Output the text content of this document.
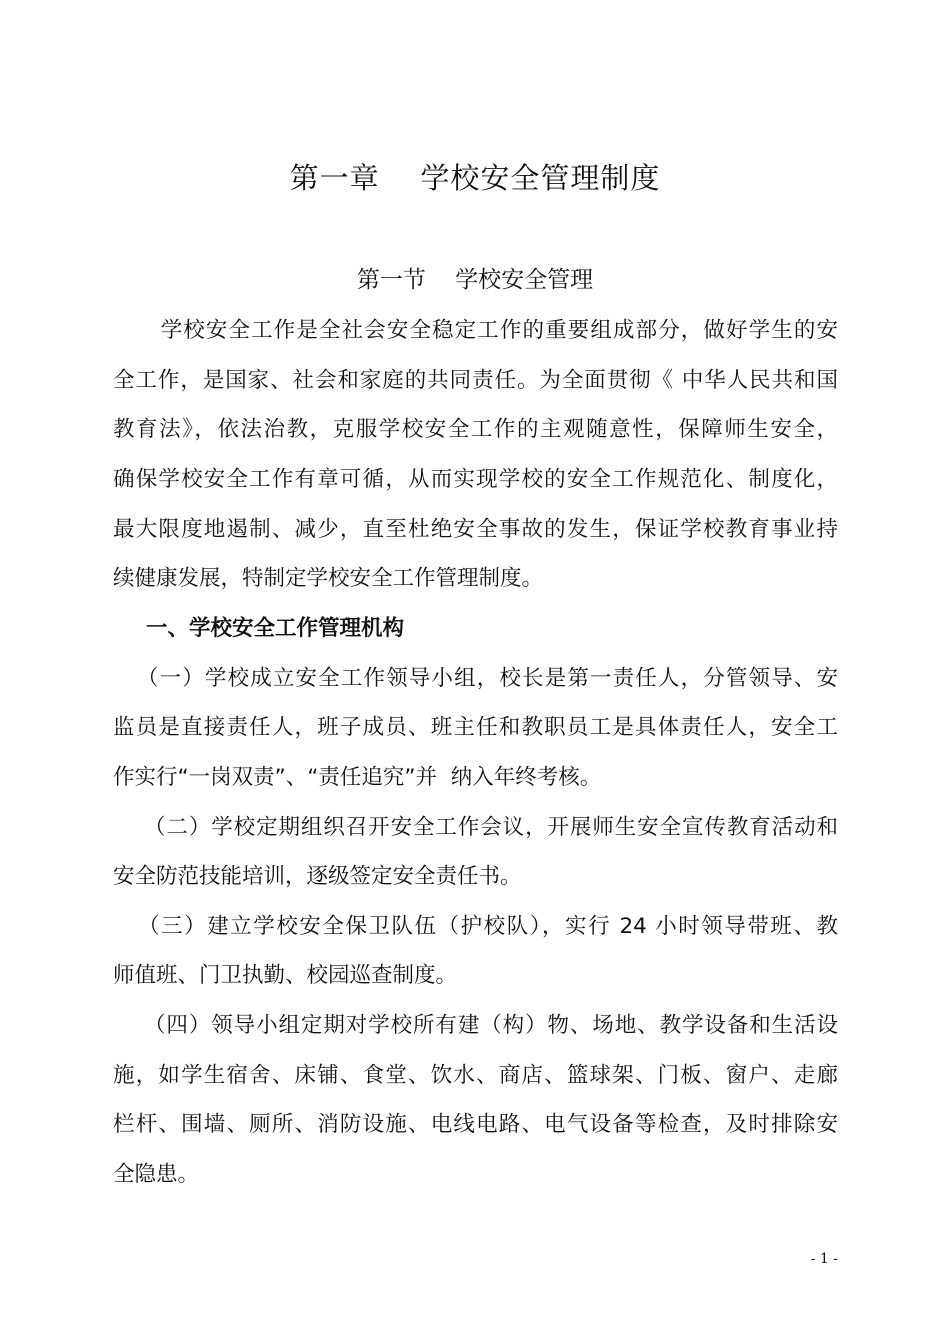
第一章    学校安全管理制度
第一节    学校安全管理
学校安全工作是全社会安全稳定工作的重要组成部分，做好学生的安
全工作，是国家、社会和家庭的共同责任。为全面贯彻《 中华人民共和国
教育法》，依法治教，克服学校安全工作的主观随意性，保障师生安全，
确保学校安全工作有章可循，从而实现学校的安全工作规范化、制度化，
最大限度地遏制、减少，直至杜绝安全事故的发生，保证学校教育事业持
续健康发展，特制定学校安全工作管理制度。
一、学校安全工作管理机构
（一）学校成立安全工作领导小组，校长是第一责任人，分管领导、安
监员是直接责任人，班子成员、班主任和教职员工是具体责任人，安全工
作实行“一岗双责”、“责任追究”并  纳入年终考核。
（二）学校定期组织召开安全工作会议，开展师生安全宣传教育活动和
安全防范技能培训，逐级签定安全责任书。
（三）建立学校安全保卫队伍（护校队），实行 24 小时领导带班、教
师值班、门卫执勤、校园巡查制度。
（四）领导小组定期对学校所有建（构）物、场地、教学设备和生活设
施，如学生宿舍、床铺、食堂、饮水、商店、篮球架、门板、窗户、走廊
栏杆、围墙、厕所、消防设施、电线电路、电气设备等检查，及时排除安
全隐患。
- 1 -
